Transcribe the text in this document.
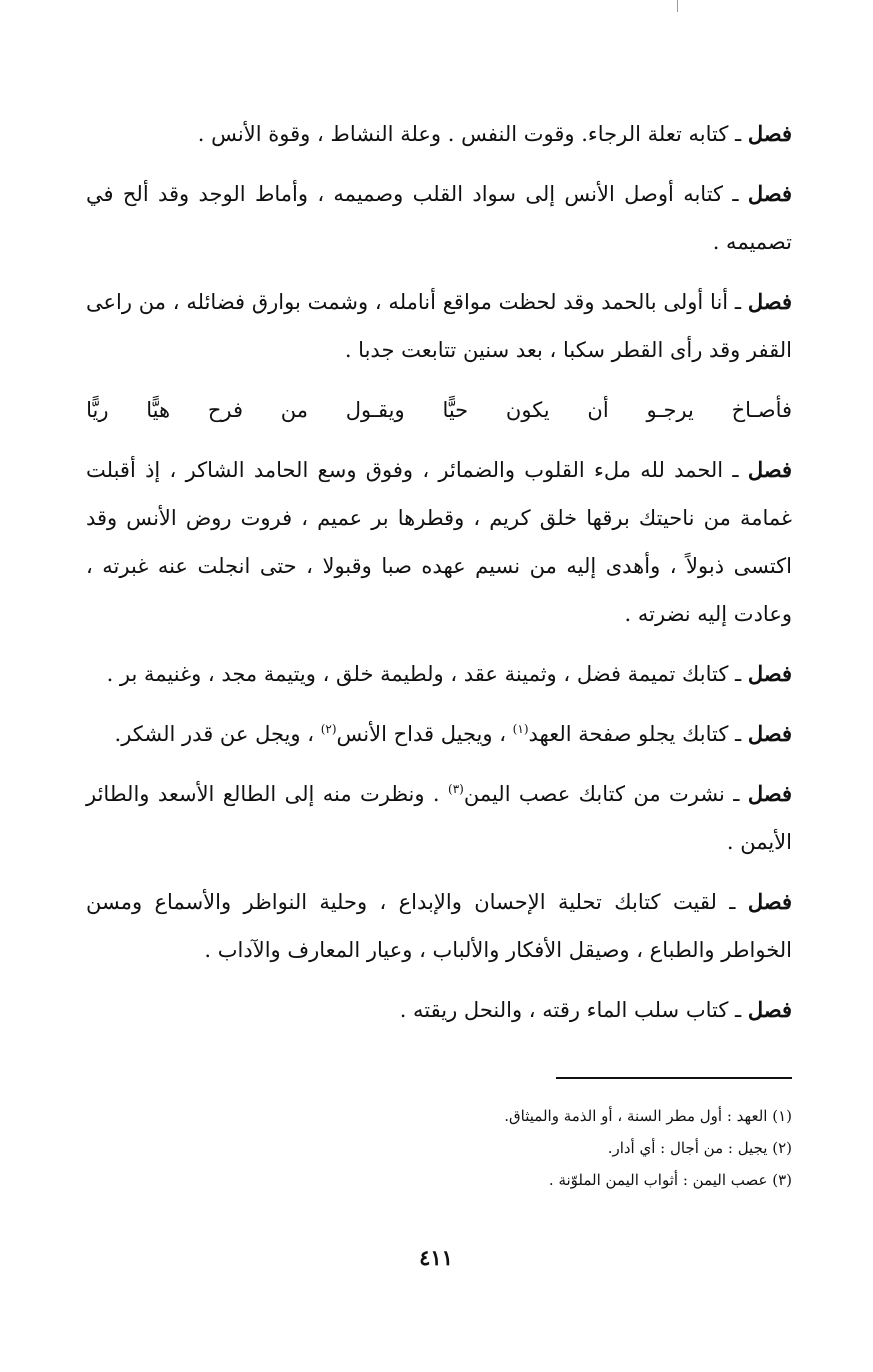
فصل ـ كتابه تعلة الرجاء. وقوت النفس . وعلة النشاط ، وقوة الأنس .

فصل ـ كتابه أوصل الأنس إلى سواد القلب وصميمه ، وأماط الوجد وقد ألح في تصميمه .

فصل ـ أنا أولى بالحمد وقد لحظت مواقع أنامله ، وشمت بوارق فضائله ، من راعى القفر وقد رأى القطر سكبا ، بعد سنين تتابعت جدبا .

فأصـاخ
يرجـو
أن
يكون
حيًّا
ويقـول
من
فرح
هيًّا
ريًّا

فصل ـ الحمد لله ملء القلوب والضمائر ، وفوق وسع الحامد الشاكر ، إذ أقبلت غمامة من ناحيتك برقها خلق كريم ، وقطرها بر عميم ، فروت روض الأنس وقد اكتسى ذبولاً ، وأهدى إليه من نسيم عهده صبا وقبولا ، حتى انجلت عنه غبرته ، وعادت إليه نضرته .

فصل ـ كتابك تميمة فضل ، وثمينة عقد ، ولطيمة خلق ، ويتيمة مجد ، وغنيمة بر .

فصل ـ كتابك يجلو صفحة العهد$^{(١)}$ ، ويجيل قداح الأنس$^{(٢)}$ ، ويجل عن قدر الشكر.

فصل ـ نشرت من كتابك عصب اليمن$^{(٣)}$ . ونظرت منه إلى الطالع الأسعد والطائر الأيمن .

فصل ـ لقيت كتابك تحلية الإحسان والإبداع ، وحلية النواظر والأسماع ومسن الخواطر والطباع ، وصيقل الأفكار والألباب ، وعيار المعارف والآداب .

فصل ـ كتاب سلب الماء رقته ، والنحل ريقته .

(١) العهد : أول مطر السنة ، أو الذمة والميثاق.

(٢) يجيل : من أجال : أي أدار.

(٣) عصب اليمن : أثواب اليمن الملوّنة .

٤١١
